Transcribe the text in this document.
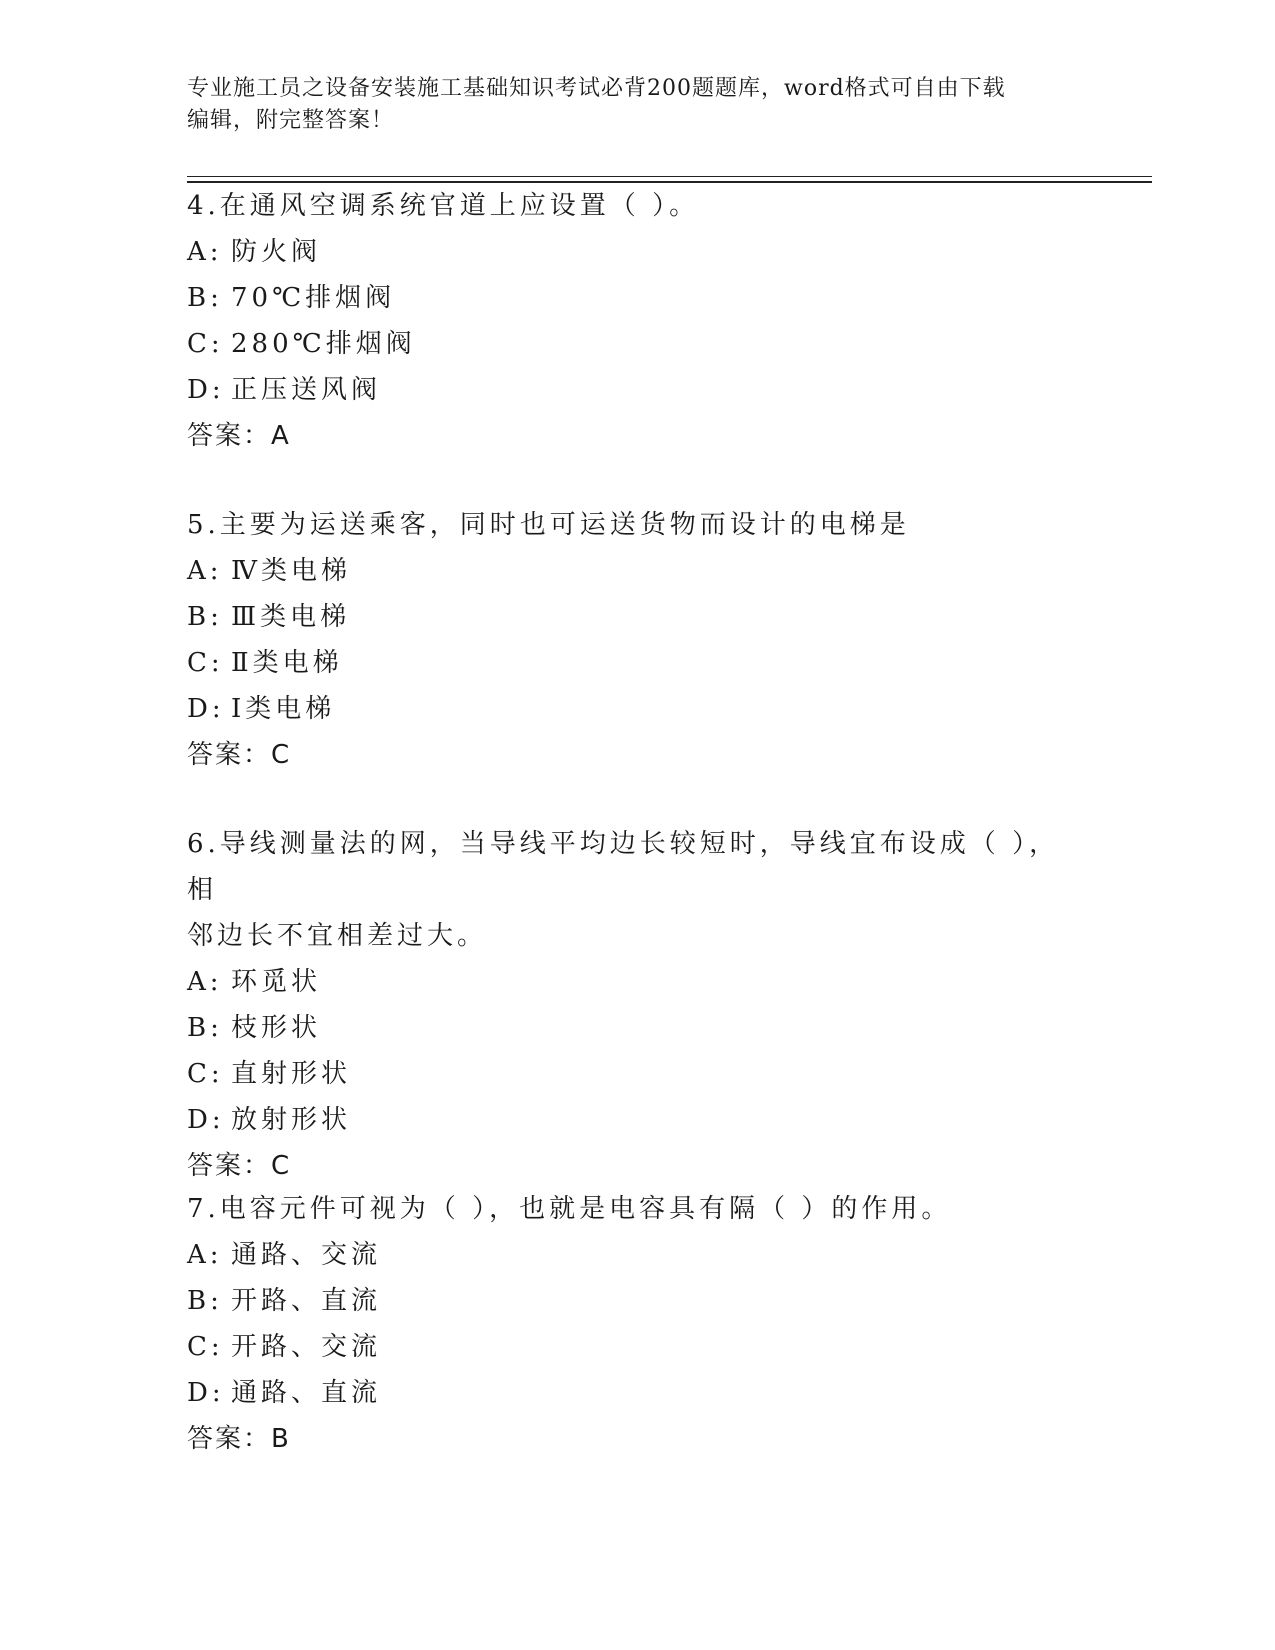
专业施工员之设备安装施工基础知识考试必背200题题库，word格式可自由下载
编辑，附完整答案！

4.在通风空调系统官道上应设置（ ）。

A: 防火阀

B: 70℃排烟阀

C: 280℃排烟阀

D: 正压送风阀

答案：A

5.主要为运送乘客，同时也可运送货物而设计的电梯是

A: Ⅳ类电梯

B: Ⅲ类电梯

C: Ⅱ类电梯

D: Ⅰ类电梯

答案：C

6.导线测量法的网，当导线平均边长较短时，导线宜布设成（ ），相

邻边长不宜相差过大。

A: 环觅状

B: 枝形状

C: 直射形状

D: 放射形状

答案：C

7.电容元件可视为（ ），也就是电容具有隔（ ）的作用。

A: 通路、交流

B: 开路、直流

C: 开路、交流

D: 通路、直流

答案：B
